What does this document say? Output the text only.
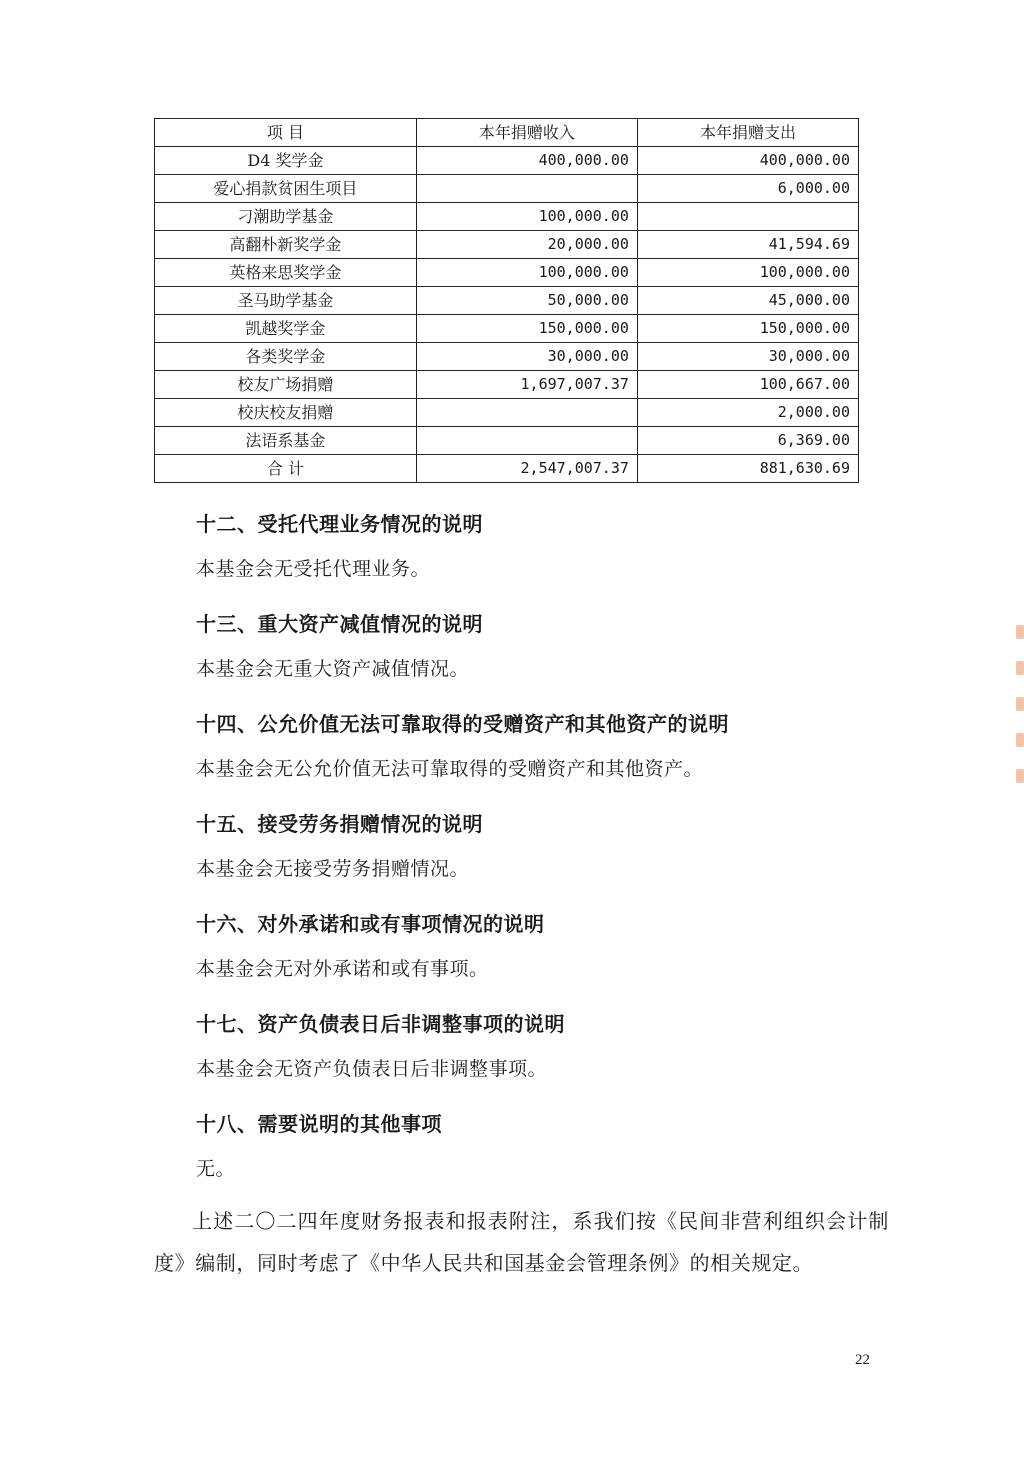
项 目	本年捐赠收入	本年捐赠支出
D4 奖学金	400,000.00	400,000.00
爱心捐款贫困生项目		6,000.00
刁潮助学基金	100,000.00	
高翻朴新奖学金	20,000.00	41,594.69
英格来思奖学金	100,000.00	100,000.00
圣马助学基金	50,000.00	45,000.00
凯越奖学金	150,000.00	150,000.00
各类奖学金	30,000.00	30,000.00
校友广场捐赠	1,697,007.37	100,667.00
校庆校友捐赠		2,000.00
法语系基金		6,369.00
合 计	2,547,007.37	881,630.69
十二、受托代理业务情况的说明
本基金会无受托代理业务。
十三、重大资产减值情况的说明
本基金会无重大资产减值情况。
十四、公允价值无法可靠取得的受赠资产和其他资产的说明
本基金会无公允价值无法可靠取得的受赠资产和其他资产。
十五、接受劳务捐赠情况的说明
本基金会无接受劳务捐赠情况。
十六、对外承诺和或有事项情况的说明
本基金会无对外承诺和或有事项。
十七、资产负债表日后非调整事项的说明
本基金会无资产负债表日后非调整事项。
十八、需要说明的其他事项
无。
上述二〇二四年度财务报表和报表附注，系我们按《民间非营利组织会计制度》编制，同时考虑了《中华人民共和国基金会管理条例》的相关规定。
22
